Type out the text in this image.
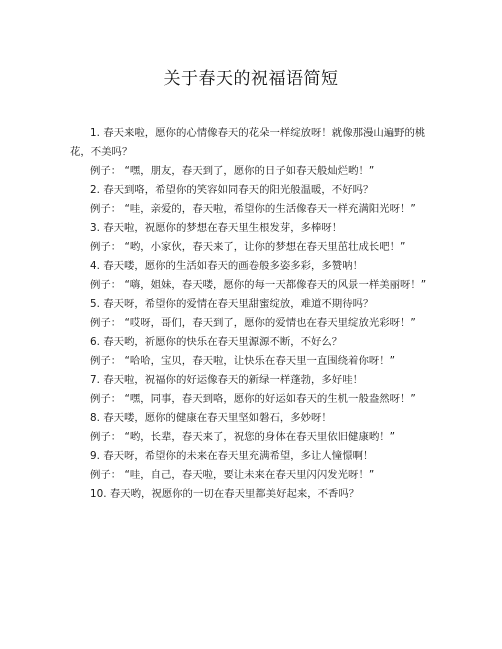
关于春天的祝福语简短

1. 春天来啦，愿你的心情像春天的花朵一样绽放呀！就像那漫山遍野的桃花，不美吗？

例子： “嘿，朋友，春天到了，愿你的日子如春天般灿烂哟！”

2. 春天到咯，希望你的笑容如同春天的阳光般温暖，不好吗？

例子： “哇，亲爱的，春天啦，希望你的生活像春天一样充满阳光呀！”

3. 春天啦，祝愿你的梦想在春天里生根发芽，多棒呀！

例子： “哟，小家伙，春天来了，让你的梦想在春天里茁壮成长吧！”

4. 春天喽，愿你的生活如春天的画卷般多姿多彩，多赞呐！

例子： “嗨，姐妹，春天喽，愿你的每一天都像春天的风景一样美丽呀！”

5. 春天呀，希望你的爱情在春天里甜蜜绽放，难道不期待吗？

例子： “哎呀，哥们，春天到了，愿你的爱情也在春天里绽放光彩呀！”

6. 春天哟，祈愿你的快乐在春天里源源不断，不好么？

例子： “哈哈，宝贝，春天啦，让快乐在春天里一直围绕着你呀！”

7. 春天啦，祝福你的好运像春天的新绿一样蓬勃，多好哇！

例子： “嘿，同事，春天到咯，愿你的好运如春天的生机一般盎然呀！”

8. 春天喽，愿你的健康在春天里坚如磐石，多妙呀！

例子： “哟，长辈，春天来了，祝您的身体在春天里依旧健康哟！”

9. 春天呀，希望你的未来在春天里充满希望，多让人憧憬啊！

例子： “哇，自己，春天啦，要让未来在春天里闪闪发光呀！”

10. 春天哟，祝愿你的一切在春天里都美好起来，不香吗？
